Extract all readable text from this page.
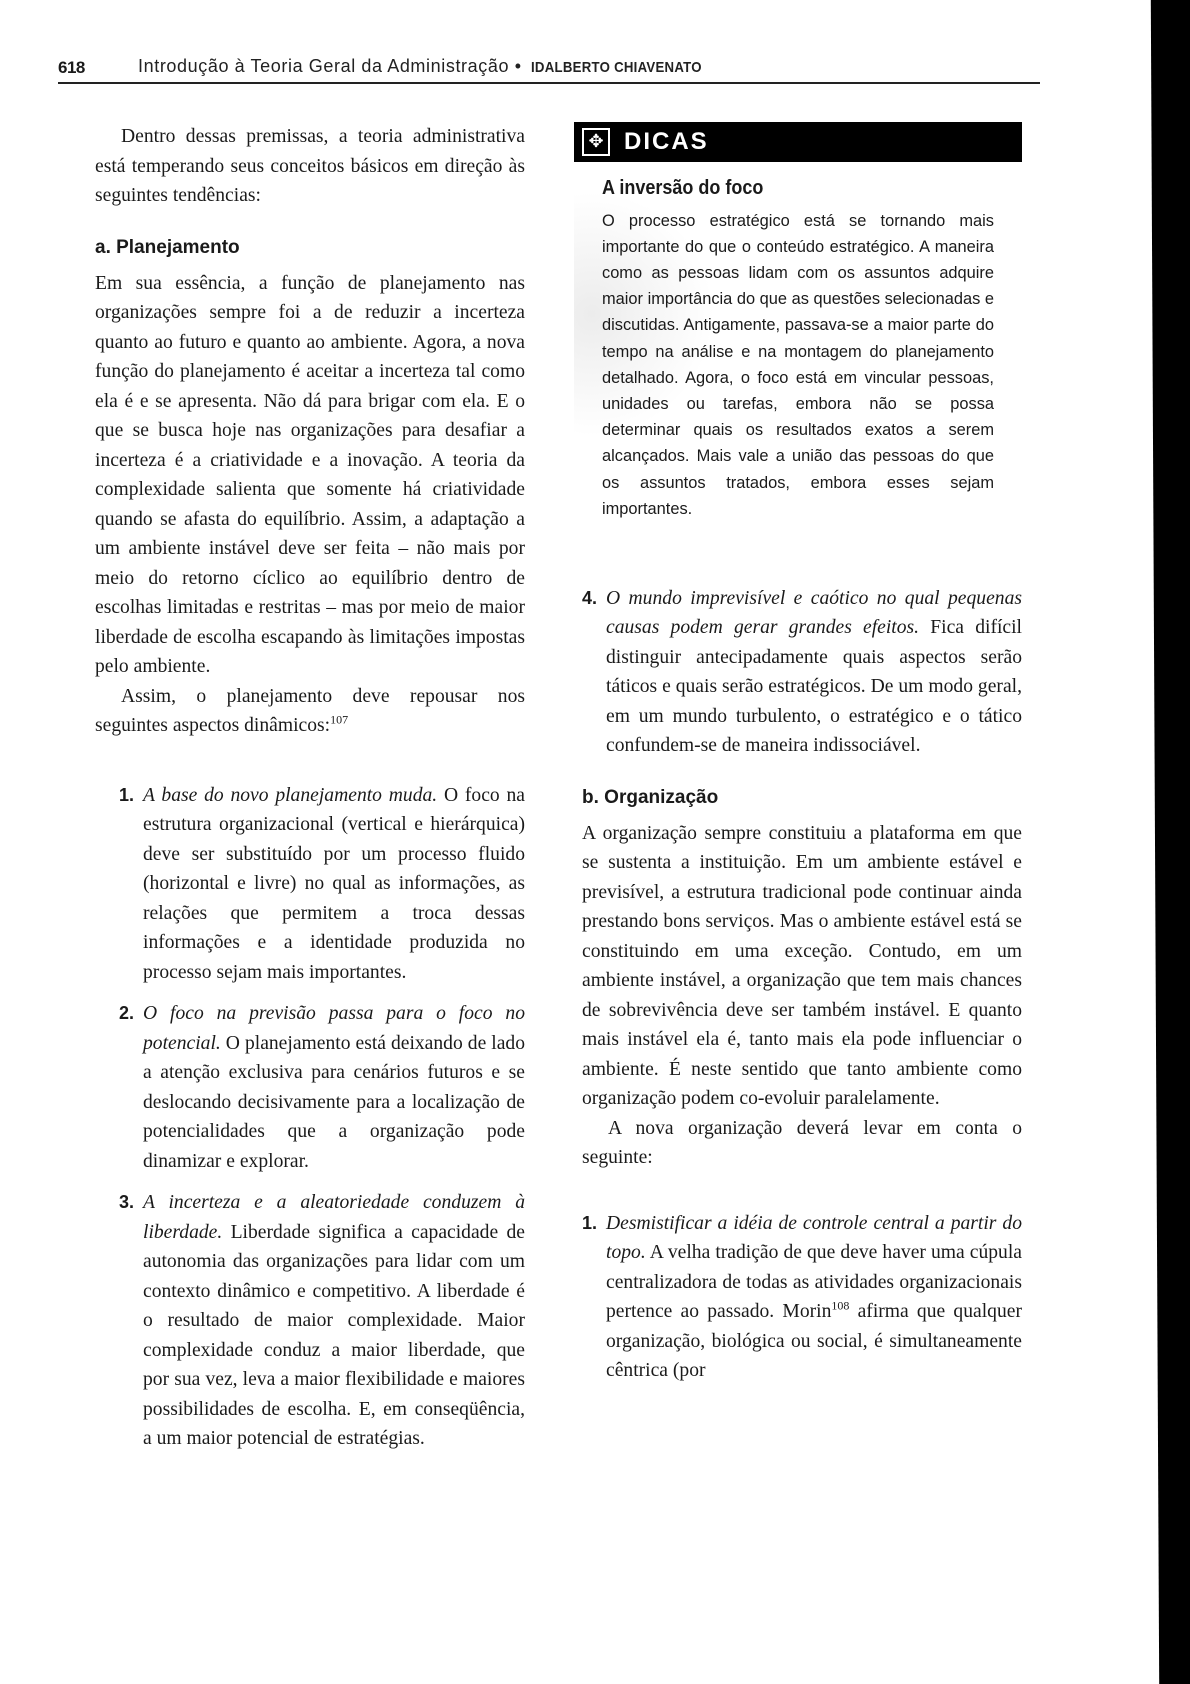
618	Introdução à Teoria Geral da Administração • IDALBERTO CHIAVENATO

Dentro dessas premissas, a teoria administrativa está temperando seus conceitos básicos em direção às seguintes tendências:

a. Planejamento

Em sua essência, a função de planejamento nas organizações sempre foi a de reduzir a incerteza quanto ao futuro e quanto ao ambiente. Agora, a nova função do planejamento é aceitar a incerteza tal como ela é e se apresenta. Não dá para brigar com ela. E o que se busca hoje nas organizações para desafiar a incerteza é a criatividade e a inovação. A teoria da complexidade salienta que somente há criatividade quando se afasta do equilíbrio. Assim, a adaptação a um ambiente instável deve ser feita – não mais por meio do retorno cíclico ao equilíbrio dentro de escolhas limitadas e restritas – mas por meio de maior liberdade de escolha escapando às limitações impostas pelo ambiente.

Assim, o planejamento deve repousar nos seguintes aspectos dinâmicos:$^{107}$

1. A base do novo planejamento muda. O foco na estrutura organizacional (vertical e hierárquica) deve ser substituído por um processo fluido (horizontal e livre) no qual as informações, as relações que permitem a troca dessas informações e a identidade produzida no processo sejam mais importantes.
2. O foco na previsão passa para o foco no potencial. O planejamento está deixando de lado a atenção exclusiva para cenários futuros e se deslocando decisivamente para a localização de potencialidades que a organização pode dinamizar e explorar.
3. A incerteza e a aleatoriedade conduzem à liberdade. Liberdade significa a capacidade de autonomia das organizações para lidar com um contexto dinâmico e competitivo. A liberdade é o resultado de maior complexidade. Maior complexidade conduz a maior liberdade, que por sua vez, leva a maior flexibilidade e maiores possibilidades de escolha. E, em conseqüência, a um maior potencial de estratégias.
✥ DICAS
A inversão do foco

O processo estratégico está se tornando mais importante do que o conteúdo estratégico. A maneira como as pessoas lidam com os assuntos adquire maior importância do que as questões selecionadas e discutidas. Antigamente, passava-se a maior parte do tempo na análise e na montagem do planejamento detalhado. Agora, o foco está em vincular pessoas, unidades ou tarefas, embora não se possa determinar quais os resultados exatos a serem alcançados. Mais vale a união das pessoas do que os assuntos tratados, embora esses sejam importantes.

4. O mundo imprevisível e caótico no qual pequenas causas podem gerar grandes efeitos. Fica difícil distinguir antecipadamente quais aspectos serão táticos e quais serão estratégicos. De um modo geral, em um mundo turbulento, o estratégico e o tático confundem-se de maneira indissociável.
b. Organização

A organização sempre constituiu a plataforma em que se sustenta a instituição. Em um ambiente estável e previsível, a estrutura tradicional pode continuar ainda prestando bons serviços. Mas o ambiente estável está se constituindo em uma exceção. Contudo, em um ambiente instável, a organização que tem mais chances de sobrevivência deve ser também instável. E quanto mais instável ela é, tanto mais ela pode influenciar o ambiente. É neste sentido que tanto ambiente como organização podem co-evoluir paralelamente.

A nova organização deverá levar em conta o seguinte:

1. Desmistificar a idéia de controle central a partir do topo. A velha tradição de que deve haver uma cúpula centralizadora de todas as atividades organizacionais pertence ao passado. Morin$^{108}$ afirma que qualquer organização, biológica ou social, é simultaneamente cêntrica (por
